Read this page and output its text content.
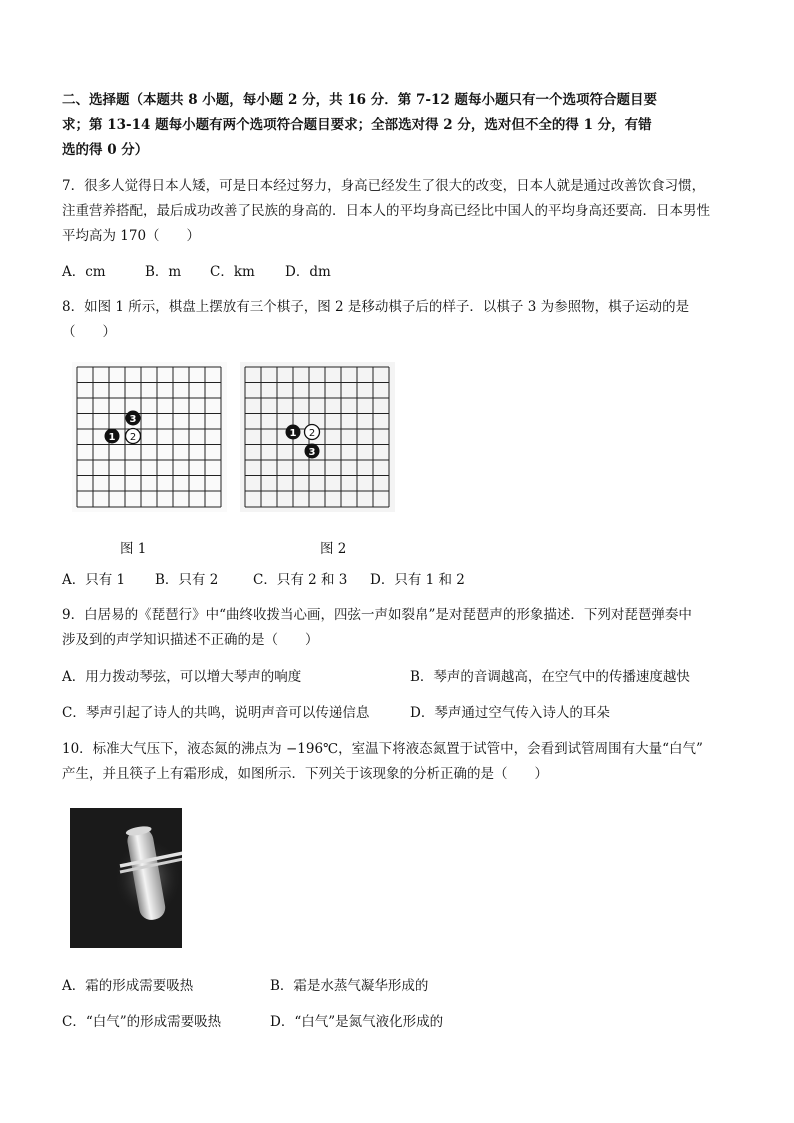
二、选择题（本题共 8 小题，每小题 2 分，共 16 分．第 7-12 题每小题只有一个选项符合题目要
求；第 13-14 题每小题有两个选项符合题目要求；全部选对得 2 分，选对但不全的得 1 分，有错
选的得 0 分）
7．很多人觉得日本人矮，可是日本经过努力，身高已经发生了很大的改变，日本人就是通过改善饮食习惯，
注重营养搭配，最后成功改善了民族的身高的．日本人的平均身高已经比中国人的平均身高还要高．日本男性
平均高为 170（　　）
A．cm	B．m C．km D．dm
8．如图 1 所示，棋盘上摆放有三个棋子，图 2 是移动棋子后的样子．以棋子 3 为参照物，棋子运动的是
（　　）
3
1 2	1 2
3
图 1	图 2
A．只有 1 B．只有 2	C．只有 2 和 3 D．只有 1 和 2
9．白居易的《琵琶行》中“曲终收拨当心画，四弦一声如裂帛”是对琵琶声的形象描述．下列对琵琶弹奏中
涉及到的声学知识描述不正确的是（　　）
A．用力拨动琴弦，可以增大琴声的响度	B．琴声的音调越高，在空气中的传播速度越快
C．琴声引起了诗人的共鸣，说明声音可以传递信息	D．琴声通过空气传入诗人的耳朵
10．标准大气压下，液态氮的沸点为 −196℃，室温下将液态氮置于试管中，会看到试管周围有大量“白气”
产生，并且筷子上有霜形成，如图所示．下列关于该现象的分析正确的是（　　）
A．霜的形成需要吸热	B．霜是水蒸气凝华形成的
C．“白气”的形成需要吸热	D．“白气”是氮气液化形成的
